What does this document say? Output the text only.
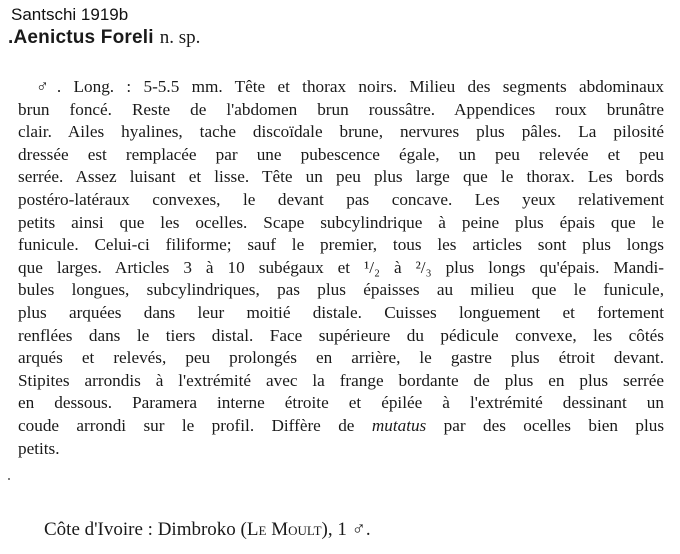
Santschi 1919b
.Aenictus Foreli n. sp.
♂. Long. : 5-5.5 mm. Tête et thorax noirs. Milieu des segments abdominaux
brun foncé. Reste de l'abdomen brun roussâtre. Appendices roux brunâtre
clair. Ailes hyalines, tache discoïdale brune, nervures plus pâles. La pilosité
dressée est remplacée par une pubescence égale, un peu relevée et peu
serrée. Assez luisant et lisse. Tête un peu plus large que le thorax. Les bords
postéro-latéraux convexes, le devant pas concave. Les yeux relativement
petits ainsi que les ocelles. Scape subcylindrique à peine plus épais que le
funicule. Celui-ci filiforme; sauf le premier, tous les articles sont plus longs
que larges. Articles 3 à 10 subégaux et ¹/₂ à ²/₃ plus longs qu'épais. Mandi-
bules longues, subcylindriques, pas plus épaisses au milieu que le funicule,
plus arquées dans leur moitié distale. Cuisses longuement et fortement
renflées dans le tiers distal. Face supérieure du pédicule convexe, les côtés
arqués et relevés, peu prolongés en arrière, le gastre plus étroit devant.
Stipites arrondis à l'extrémité avec la frange bordante de plus en plus serrée
en dessous. Paramera interne étroite et épilée à l'extrémité dessinant un
coude arrondi sur le profil. Diffère de mutatus par des ocelles bien plus
petits.
Côte d'Ivoire : Dimbroko (Le Moult), 1 ♂.
